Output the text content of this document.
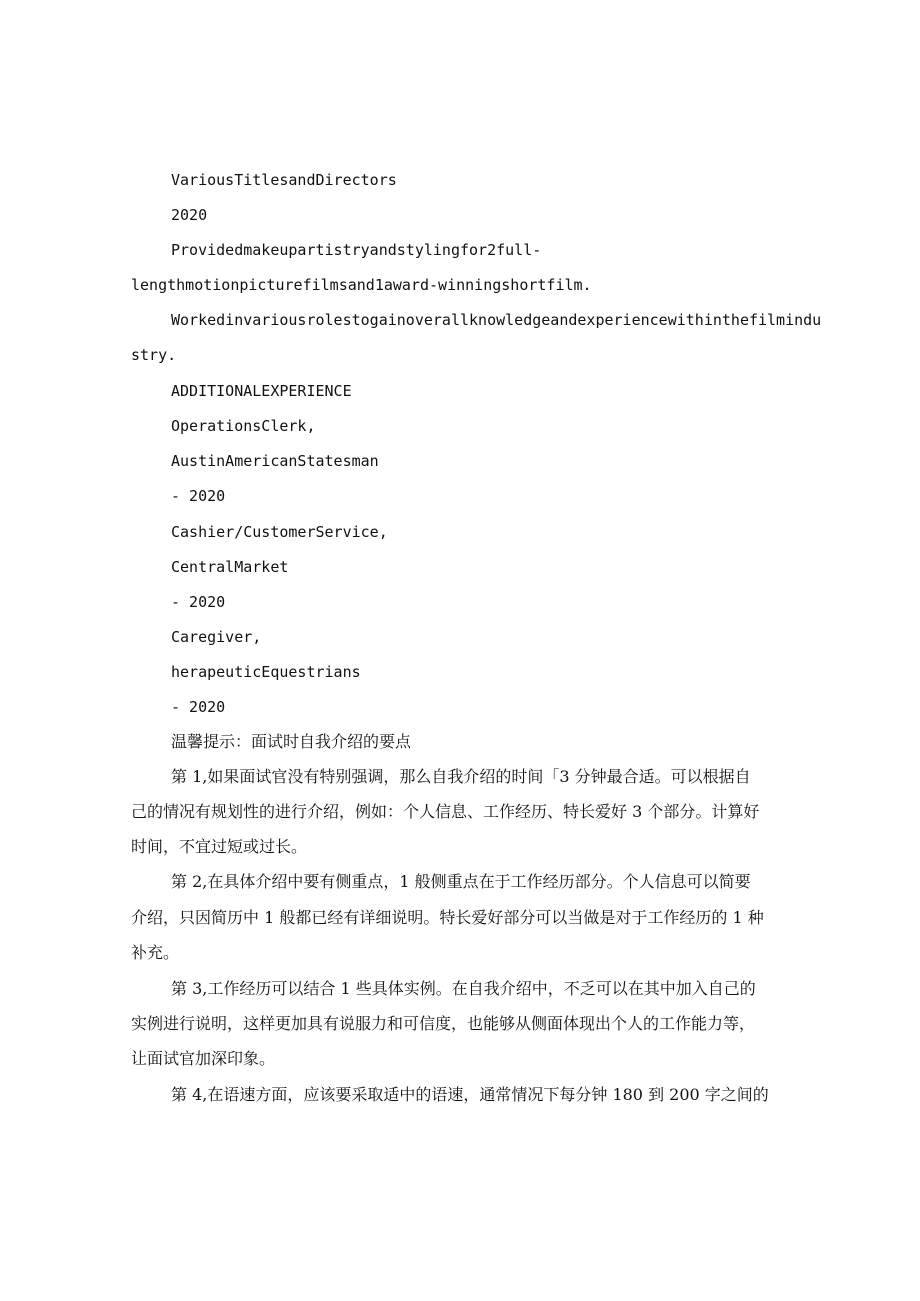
VariousTitlesandDirectors
2020
Providedmakeupartistryandstylingfor2full-
lengthmotionpicturefilmsand1award-winningshortfilm.
Workedinvariousrolestogainoverallknowledgeandexperiencewithinthefilmindu
stry.
ADDITIONALEXPERIENCE
OperationsClerk,
AustinAmericanStatesman
- 2020
Cashier/CustomerService,
CentralMarket
- 2020
Caregiver,
herapeuticEquestrians
- 2020
温馨提示：面试时自我介绍的要点
第 1,如果面试官没有特别强调，那么自我介绍的时间「3 分钟最合适。可以根据自
己的情况有规划性的进行介绍，例如：个人信息、工作经历、特长爱好 3 个部分。计算好
时间，不宜过短或过长。
第 2,在具体介绍中要有侧重点，1 般侧重点在于工作经历部分。个人信息可以简要
介绍，只因简历中 1 般都已经有详细说明。特长爱好部分可以当做是对于工作经历的 1 种
补充。
第 3,工作经历可以结合 1 些具体实例。在自我介绍中，不乏可以在其中加入自己的
实例进行说明，这样更加具有说服力和可信度，也能够从侧面体现出个人的工作能力等，
让面试官加深印象。
第 4,在语速方面，应该要采取适中的语速，通常情况下每分钟 180 到 200 字之间的
